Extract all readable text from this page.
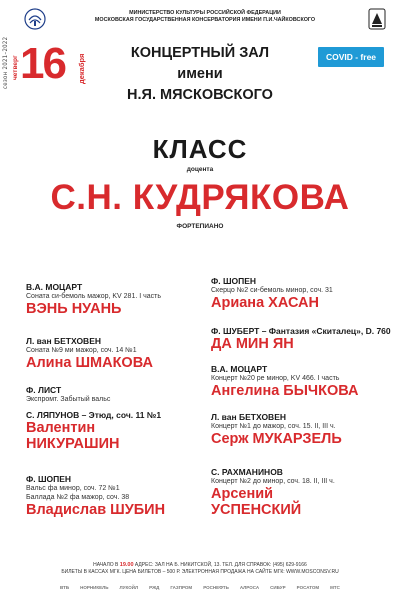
сезон 2021–2022
МИНИСТЕРСТВО КУЛЬТУРЫ РОССИЙСКОЙ ФЕДЕРАЦИИ
МОСКОВСКАЯ ГОСУДАРСТВЕННАЯ КОНСЕРВАТОРИЯ ИМЕНИ П.И.ЧАЙКОВСКОГО
четверг 16 декабря
КОНЦЕРТНЫЙ ЗАЛ
имени
Н.Я. МЯСКОВСКОГО
COVID - free
КЛАСС
доцента
С.Н. КУДРЯКОВА
ФОРТЕПИАНО
В.А. МОЦАРТ
Соната си-бемоль мажор, KV 281. I часть
ВЭНЬ НУАНЬ
Л. ван БЕТХОВЕН
Соната №9 ми мажор, соч. 14 №1
Алина ШМАКОВА
Ф. ЛИСТ
Экспромт. Забытый вальс
С. ЛЯПУНОВ – Этюд, соч. 11 №1
Валентин
НИКУРАШИН
Ф. ШОПЕН
Вальс фа минор, соч. 72 №1
Баллада №2 фа мажор, соч. 38
Владислав ШУБИН
Ф. ШОПЕН
Скерцо №2 си-бемоль минор, соч. 31
Ариана ХАСАН
Ф. ШУБЕРТ – Фантазия «Скиталец», D. 760
ДА МИН ЯН
В.А. МОЦАРТ
Концерт №20 ре минор, KV 466. I часть
Ангелина БЫЧКОВА
Л. ван БЕТХОВЕН
Концерт №1 до мажор, соч. 15. II, III ч.
Серж МУКАРЗЕЛЬ
С. РАХМАНИНОВ
Концерт №2 до минор, соч. 18. II, III ч.
Арсений
УСПЕНСКИЙ
НАЧАЛО В 19.00 АДРЕС: ЗАЛ НА Б. НИКИТСКОЙ, 13. ТЕЛ. ДЛЯ СПРАВОК: (495) 629-9166
БИЛЕТЫ В КАССАХ МГК. ЦЕНА БИЛЕТОВ – 500 Р. ЭЛЕКТРОННАЯ ПРОДАЖА НА САЙТЕ МГК: WWW.MOSCONSV.RU
ВТБ НОРНИКЕЛЬ ЛУКОЙЛ РЖД ГАЗПРОМ РОСНЕФТЬ АЛРОСА СИБУР РОСАТОМ МТС
